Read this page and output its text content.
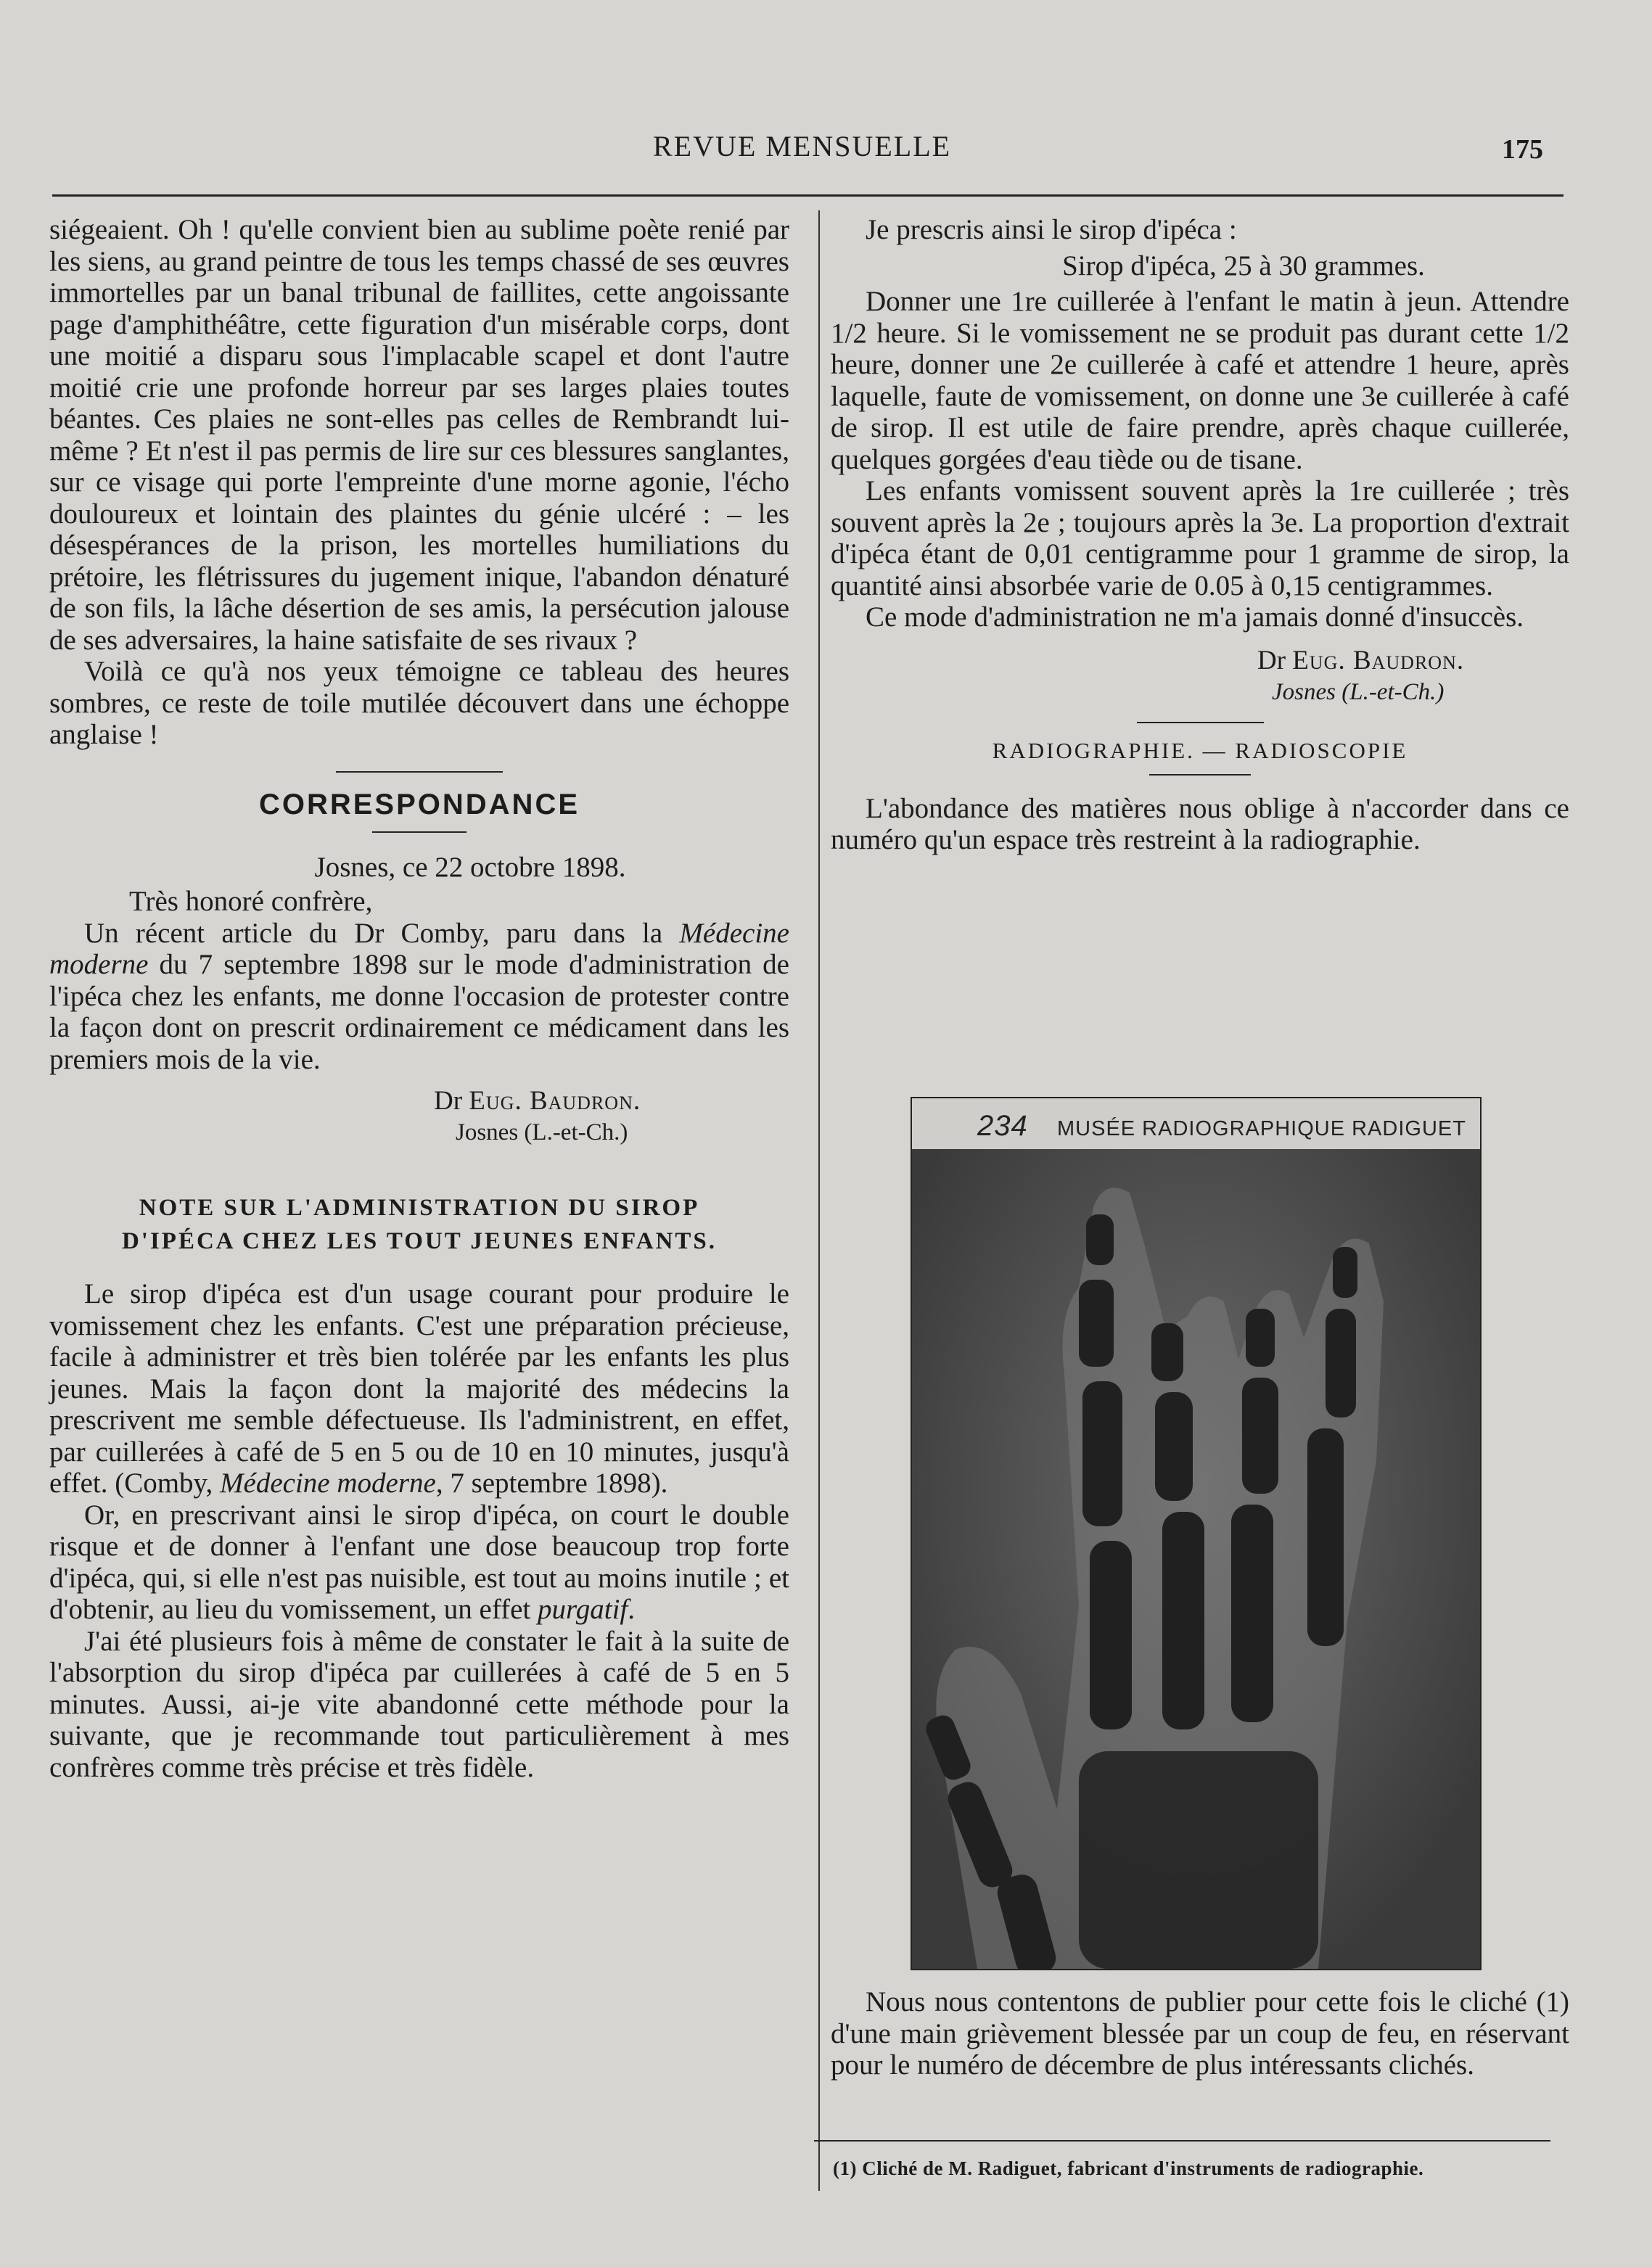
REVUE MENSUELLE	175

siégeaient. Oh ! qu'elle convient bien au sublime poète renié par les siens, au grand peintre de tous les temps chassé de ses œuvres immortelles par un banal tribunal de faillites, cette angoissante page d'amphithéâtre, cette figuration d'un misérable corps, dont une moitié a disparu sous l'implacable scapel et dont l'autre moitié crie une profonde horreur par ses larges plaies toutes béantes. Ces plaies ne sont-elles pas celles de Rembrandt lui-même ? Et n'est il pas permis de lire sur ces blessures sanglantes, sur ce visage qui porte l'empreinte d'une morne agonie, l'écho douloureux et lointain des plaintes du génie ulcéré : – les désespérances de la prison, les mortelles humiliations du prétoire, les flétrissures du jugement inique, l'abandon dénaturé de son fils, la lâche désertion de ses amis, la persécution jalouse de ses adversaires, la haine satisfaite de ses rivaux ?

Voilà ce qu'à nos yeux témoigne ce tableau des heures sombres, ce reste de toile mutilée découvert dans une échoppe anglaise !

CORRESPONDANCE

Josnes, ce 22 octobre 1898.

Très honoré confrère,

Un récent article du Dr Comby, paru dans la Médecine moderne du 7 septembre 1898 sur le mode d'administration de l'ipéca chez les enfants, me donne l'occasion de protester contre la façon dont on prescrit ordinairement ce médicament dans les premiers mois de la vie.

Dr Eug. Baudron.
Josnes (L.-et-Ch.)
NOTE SUR L'ADMINISTRATION DU SIROP
D'IPÉCA CHEZ LES TOUT JEUNES ENFANTS.

Le sirop d'ipéca est d'un usage courant pour produire le vomissement chez les enfants. C'est une préparation précieuse, facile à administrer et très bien tolérée par les enfants les plus jeunes. Mais la façon dont la majorité des médecins la prescrivent me semble défectueuse. Ils l'administrent, en effet, par cuillerées à café de 5 en 5 ou de 10 en 10 minutes, jusqu'à effet. (Comby, Médecine moderne, 7 septembre 1898).

Or, en prescrivant ainsi le sirop d'ipéca, on court le double risque et de donner à l'enfant une dose beaucoup trop forte d'ipéca, qui, si elle n'est pas nuisible, est tout au moins inutile ; et d'obtenir, au lieu du vomissement, un effet purgatif.

J'ai été plusieurs fois à même de constater le fait à la suite de l'absorption du sirop d'ipéca par cuillerées à café de 5 en 5 minutes. Aussi, ai-je vite abandonné cette méthode pour la suivante, que je recommande tout particulièrement à mes confrères comme très précise et très fidèle.

Je prescris ainsi le sirop d'ipéca :

Sirop d'ipéca, 25 à 30 grammes.

Donner une 1re cuillerée à l'enfant le matin à jeun. Attendre 1/2 heure. Si le vomissement ne se produit pas durant cette 1/2 heure, donner une 2e cuillerée à café et attendre 1 heure, après laquelle, faute de vomissement, on donne une 3e cuillerée à café de sirop. Il est utile de faire prendre, après chaque cuillerée, quelques gorgées d'eau tiède ou de tisane.

Les enfants vomissent souvent après la 1re cuillerée ; très souvent après la 2e ; toujours après la 3e. La proportion d'extrait d'ipéca étant de 0,01 centigramme pour 1 gramme de sirop, la quantité ainsi absorbée varie de 0.05 à 0,15 centigrammes.

Ce mode d'administration ne m'a jamais donné d'insuccès.

Dr Eug. Baudron.
Josnes (L.-et-Ch.)
RADIOGRAPHIE. — RADIOSCOPIE

L'abondance des matières nous oblige à n'accorder dans ce numéro qu'un espace très restreint à la radiographie.

234 MUSÉE RADIOGRAPHIQUE RADIGUET

Nous nous contentons de publier pour cette fois le cliché (1) d'une main grièvement blessée par un coup de feu, en réservant pour le numéro de décembre de plus intéressants clichés.

(1) Cliché de M. Radiguet, fabricant d'instruments de radiographie.
